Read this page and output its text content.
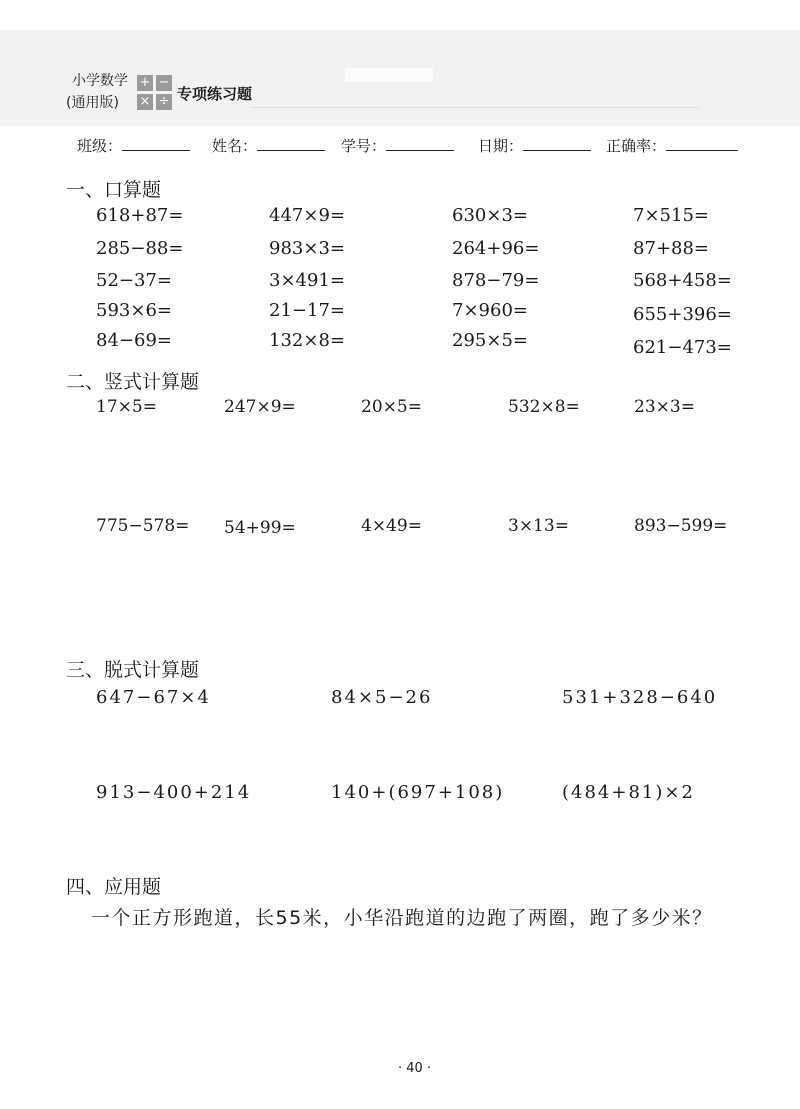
小学数学
(通用版)
+ −
× ÷ 专项练习题
班级：	姓名：	学号：	日期：	正确率：
一、口算题
618+87=	447×9=	630×3=	7×515=
285−88=	983×3=	264+96=	87+88=
52−37=	3×491=	878−79=	568+458=
593×6=	21−17=	7×960=	655+396=
84−69=	132×8=	295×5=	621−473=
二、竖式计算题
17×5=	247×9=	20×5=	532×8=	23×3=
775−578= 54+99=	4×49=	3×13=	893−599=
三、脱式计算题
647−67×4	84×5−26	531+328−640
913−400+214	140+(697+108)	(484+81)×2
四、应用题
一个正方形跑道，长55米，小华沿跑道的边跑了两圈，跑了多少米？
· 40 ·
